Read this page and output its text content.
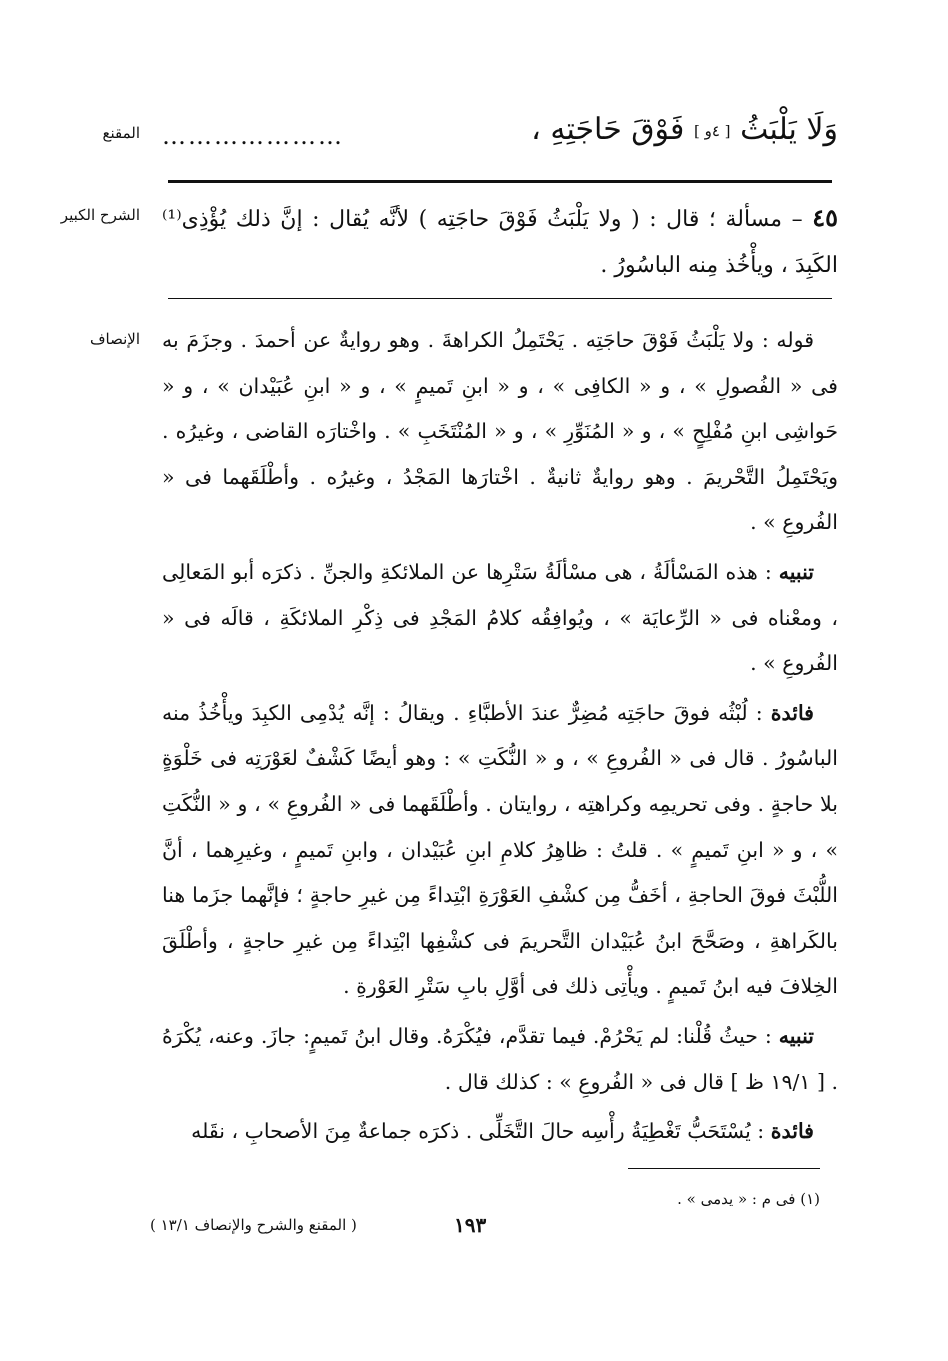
المقنع
الشرح الكبير
الإنصاف
وَلَا يَلْبَثُ [ ٤و ] فَوْقَ حَاجَتِهِ ،
…………………
٤٥ – مسألة ؛ قال : ( ولا يَلْبَثُ فَوْقَ حاجَتِه ) لأنَّه يُقال : إنَّ ذلك يُؤْذِى⁽¹⁾ الكَبِدَ ، ويأْخُذ مِنه الباسُورُ .

قوله : ولا يَلْبَثُ فَوْقَ حاجَتِه . يَحْتَمِلُ الكراهةَ . وهو روايةٌ عن أحمدَ . وجزَمَ به فى « الفُصولِ » ، و « الكافِى » ، و « ابنِ تَميمٍ » ، و « ابنِ عُبَيْدان » ، و « حَواشِى ابنِ مُفْلِحٍ » ، و « المُنَوِّرِ » ، و « المُنْتَخَبِ » . واخْتارَه القاضى ، وغيرُه . ويَحْتَمِلُ التَّحْريمَ . وهو روايةٌ ثانيةٌ . اخْتارَها المَجْدُ ، وغيرُه . وأطْلَقَهما فى « الفُروعِ » .

تنبيه : هذه المَسْألَةُ ، هى مسْألَةُ سَتْرِها عن الملائكةِ والجنِّ . ذكرَه أبو المَعالِى ، ومعْناه فى « الرِّعايَة » ، ويُوافِقُه كلامُ المَجْدِ فى ذِكْرِ الملائكَةِ ، قالَه فى « الفُروعِ » .

فائدة : لُبْثُه فوقَ حاجَتِه مُضِرٌّ عندَ الأطبَّاءِ . ويقالُ : إنَّه يُدْمِى الكبِدَ ويأْخُذُ منه الباسُورُ . قال فى « الفُروعِ » ، و « النُّكَتِ » : وهو أيضًا كَشْفٌ لعَوْرَتِه فى خَلْوَةٍ بلا حاجةٍ . وفى تحريمِه وكراهتِه ، روايتان . وأطْلَقَهما فى « الفُروعِ » ، و « النُّكَتِ » ، و « ابنِ تَميمٍ » . قلتُ : ظاهِرُ كلامِ ابنِ عُبَيْدان ، وابنِ تَميمٍ ، وغيرِهما ، أنَّ اللُّبْثَ فوقَ الحاجةِ ، أخَفُّ مِن كشْفِ العَوْرَةِ ابْتِداءً مِن غيرِ حاجةٍ ؛ فإنَّهما جزَما هنا بالكَراهةِ ، وصَحَّحَ ابنُ عُبَيْدان التَّحريمَ فى كشْفِها ابْتِداءً مِن غيرِ حاجةٍ ، وأطْلَقَ الخِلافَ فيه ابنُ تَميمٍ . ويأْتِى ذلك فى أوَّلِ بابِ سَتْرِ العَوْرةِ .

تنبيه : حيثُ قُلْنا: لم يَحْرُمْ. فيما تقدَّم، فيُكْرَهُ. وقال ابنُ تَميمٍ: جازَ. وعنه، يُكْرَهُ . [ ١٩/١ ظ ] قال فى « الفُروعِ » : كذلك قال .

فائدة : يُسْتَحَبُّ تَغْطِيَةُ رأْسِه حالَ التَّخَلِّى . ذكرَه جماعةٌ مِنَ الأصحابِ ، نقَله

(١) فى م : « يدمى » .
١٩٣
( المقنع والشرح والإنصاف ١٣/١ )
